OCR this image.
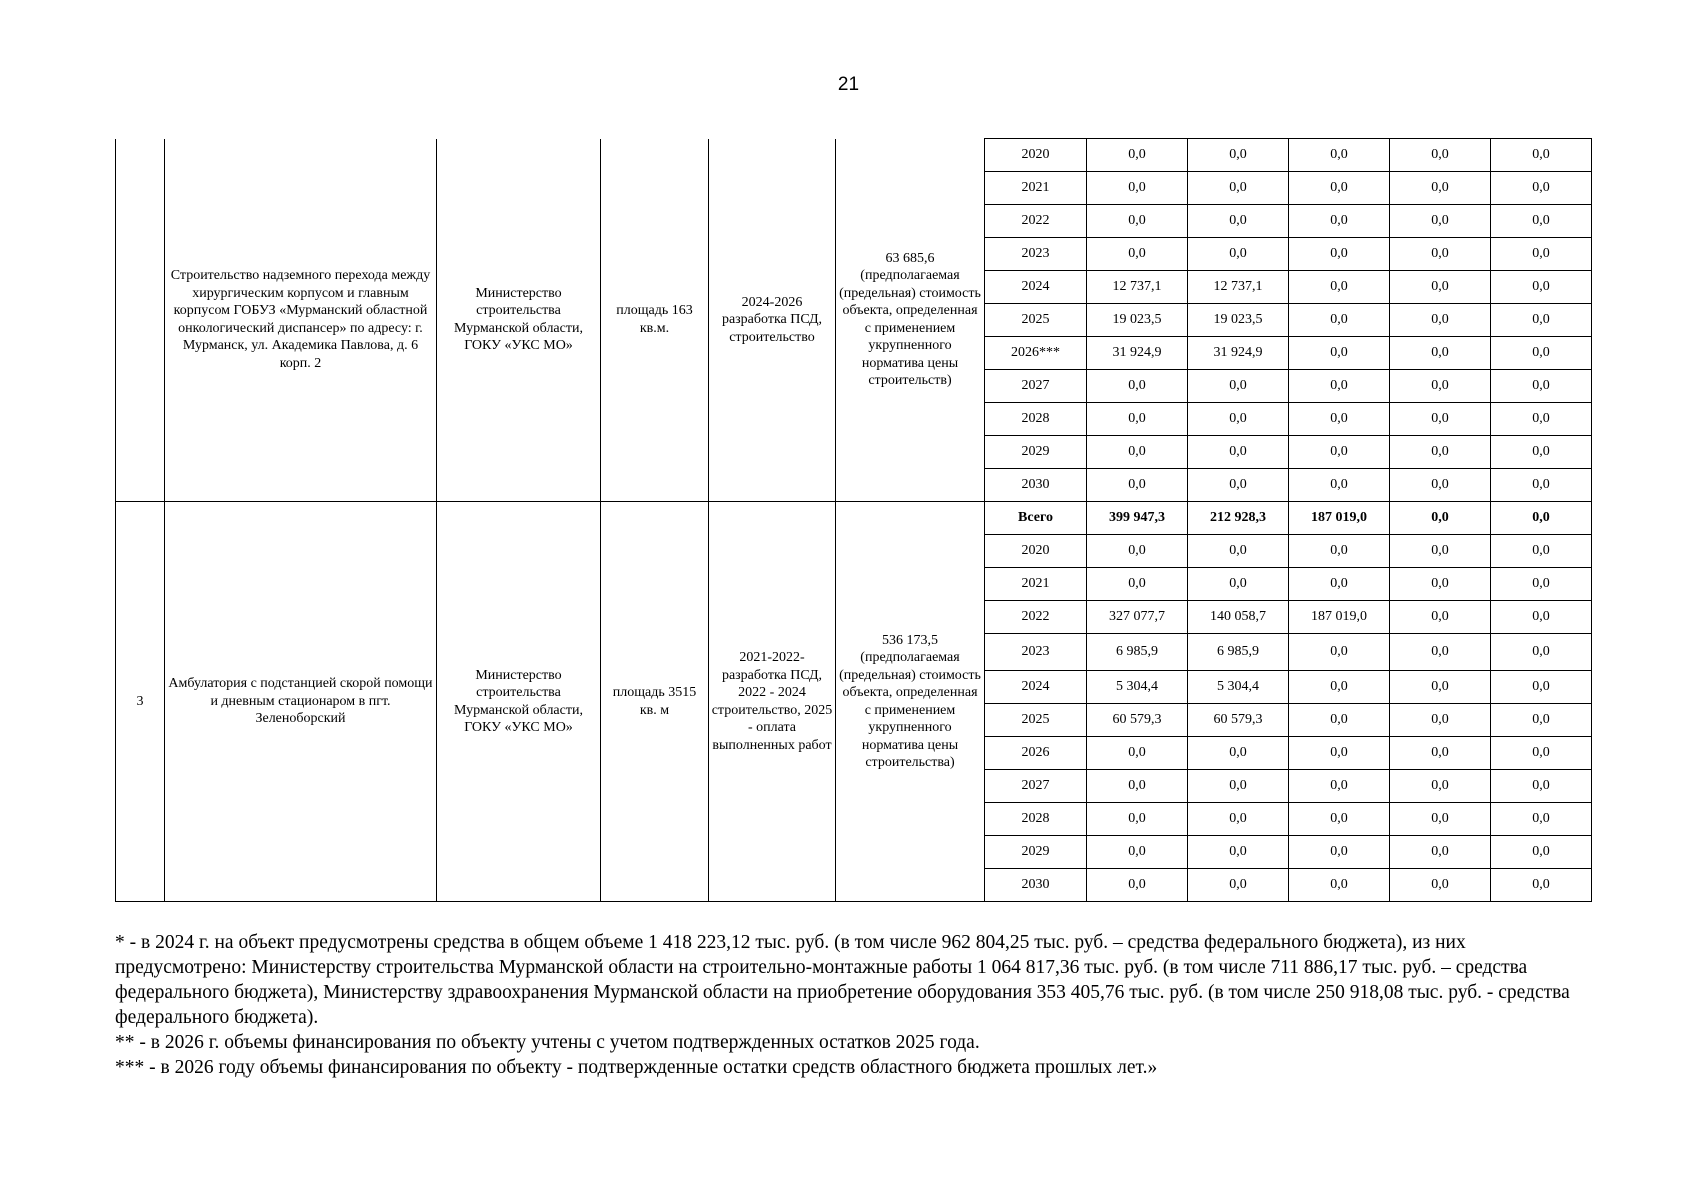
21
	Строительство надземного перехода между хирургическим корпусом и главным корпусом ГОБУЗ «Мурманский областной онкологический диспансер» по адресу: г. Мурманск, ул. Академика Павлова, д. 6 корп. 2	Министерство строительства Мурманской области, ГОКУ «УКС МО»	площадь 163 кв.м.	2024-2026 разработка ПСД, строительство	63 685,6 (предполагаемая (предельная) стоимость объекта, определенная с применением укрупненного норматива цены строительств)	2020	0,0	0,0	0,0	0,0	0,0
						2021	0,0	0,0	0,0	0,0	0,0
						2022	0,0	0,0	0,0	0,0	0,0
						2023	0,0	0,0	0,0	0,0	0,0
						2024	12 737,1	12 737,1	0,0	0,0	0,0
						2025	19 023,5	19 023,5	0,0	0,0	0,0
						2026***	31 924,9	31 924,9	0,0	0,0	0,0
						2027	0,0	0,0	0,0	0,0	0,0
						2028	0,0	0,0	0,0	0,0	0,0
						2029	0,0	0,0	0,0	0,0	0,0
						2030	0,0	0,0	0,0	0,0	0,0
3	Амбулатория с подстанцией скорой помощи и дневным стационаром в пгт. Зеленоборский	Министерство строительства Мурманской области, ГОКУ «УКС МО»	площадь 3515 кв. м	2021-2022- разработка ПСД, 2022 - 2024 строительство, 2025 - оплата выполненных работ	536 173,5 (предполагаемая (предельная) стоимость объекта, определенная с применением укрупненного норматива цены строительства)	Всего	399 947,3	212 928,3	187 019,0	0,0	0,0
						2020	0,0	0,0	0,0	0,0	0,0
						2021	0,0	0,0	0,0	0,0	0,0
						2022	327 077,7	140 058,7	187 019,0	0,0	0,0
						2023	6 985,9	6 985,9	0,0	0,0	0,0
						2024	5 304,4	5 304,4	0,0	0,0	0,0
						2025	60 579,3	60 579,3	0,0	0,0	0,0
						2026	0,0	0,0	0,0	0,0	0,0
						2027	0,0	0,0	0,0	0,0	0,0
						2028	0,0	0,0	0,0	0,0	0,0
						2029	0,0	0,0	0,0	0,0	0,0
						2030	0,0	0,0	0,0	0,0	0,0

* - в 2024 г. на объект предусмотрены средства в общем объеме 1 418 223,12 тыс. руб. (в том числе 962 804,25 тыс. руб. – средства федерального бюджета), из них предусмотрено: Министерству строительства Мурманской области на строительно-монтажные работы 1 064 817,36 тыс. руб. (в том числе 711 886,17 тыс. руб. – средства федерального бюджета), Министерству здравоохранения Мурманской области на приобретение оборудования 353 405,76 тыс. руб. (в том числе 250 918,08 тыс. руб. - средства федерального бюджета).

** - в 2026 г. объемы финансирования по объекту учтены с учетом подтвержденных остатков 2025 года.

*** - в 2026 году объемы финансирования по объекту - подтвержденные остатки средств областного бюджета прошлых лет.»
